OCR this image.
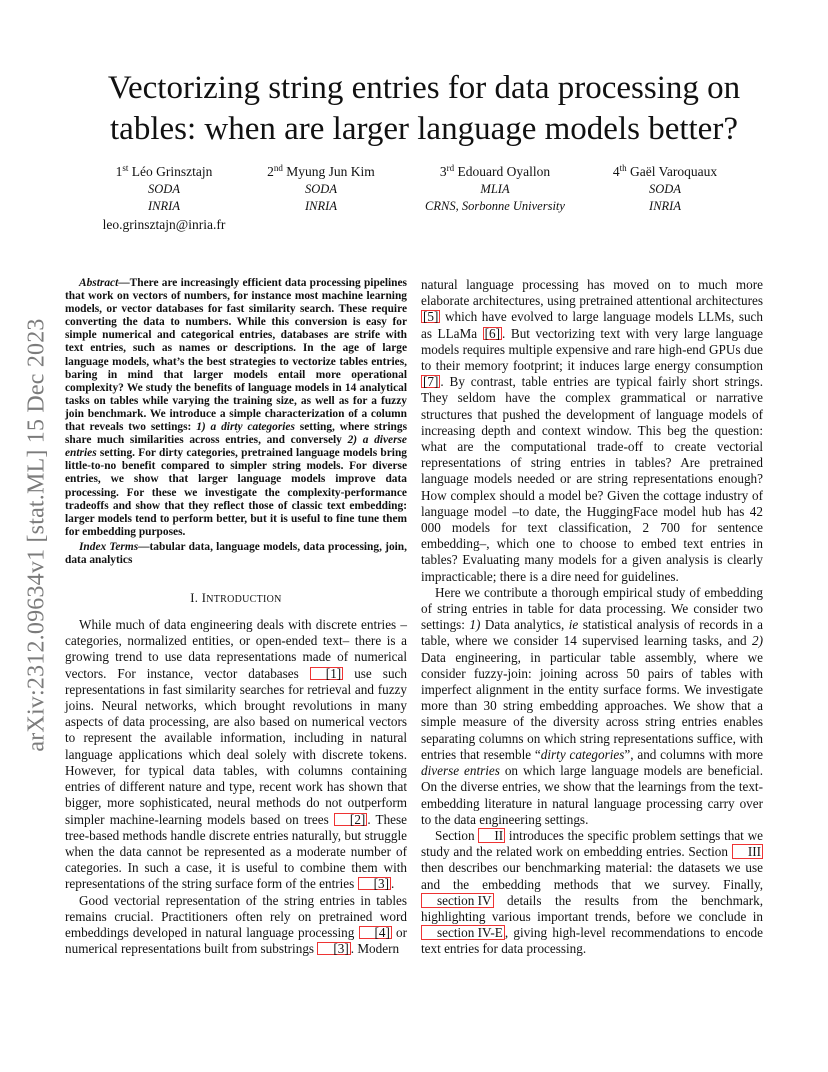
arXiv:2312.09634v1 [stat.ML] 15 Dec 2023
Vectorizing string entries for data processing on
tables: when are larger language models better?
1st Léo Grinsztajn
SODA
INRIA
leo.grinsztajn@inria.fr
2nd Myung Jun Kim
SODA
INRIA
3rd Edouard Oyallon
MLIA
CRNS, Sorbonne University
4th Gaël Varoquaux
SODA
INRIA

Abstract—There are increasingly efficient data processing pipelines that work on vectors of numbers, for instance most machine learning models, or vector databases for fast similarity search. These require converting the data to numbers. While this conversion is easy for simple numerical and categorical entries, databases are strife with text entries, such as names or descriptions. In the age of large language models, what’s the best strategies to vectorize tables entries, baring in mind that larger models entail more operational complexity? We study the benefits of language models in 14 analytical tasks on tables while varying the training size, as well as for a fuzzy join benchmark. We introduce a simple characterization of a column that reveals two settings: 1) a dirty categories setting, where strings share much similarities across entries, and conversely 2) a diverse entries setting. For dirty categories, pretrained language models bring little-to-no benefit compared to simpler string models. For diverse entries, we show that larger language models improve data processing. For these we investigate the complexity-performance tradeoffs and show that they reflect those of classic text embedding: larger models tend to perform better, but it is useful to fine tune them for embedding purposes.

Index Terms—tabular data, language models, data processing, join, data analytics

I. INTRODUCTION

While much of data engineering deals with discrete entries –categories, normalized entities, or open-ended text– there is a growing trend to use data representations made of numerical vectors. For instance, vector databases [1] use such representations in fast similarity searches for retrieval and fuzzy joins. Neural networks, which brought revolutions in many aspects of data processing, are also based on numerical vectors to represent the available information, including in natural language applications which deal solely with discrete tokens. However, for typical data tables, with columns containing entries of different nature and type, recent work has shown that bigger, more sophisticated, neural methods do not outperform simpler machine-learning models based on trees [2] . These tree-based methods handle discrete entries naturally, but struggle when the data cannot be represented as a moderate number of categories. In such a case, it is useful to combine them with representations of the string surface form of the entries [3] .

Good vectorial representation of the string entries in tables remains crucial. Practitioners often rely on pretrained word embeddings developed in natural language processing [4] or numerical representations built from substrings [3] . Modern

natural language processing has moved on to much more elaborate architectures, using pretrained attentional architectures [5] which have evolved to large language models LLMs, such as LLaMa [6] . But vectorizing text with very large language models requires multiple expensive and rare high-end GPUs due to their memory footprint; it induces large energy consumption [7] . By contrast, table entries are typical fairly short strings. They seldom have the complex grammatical or narrative structures that pushed the development of language models of increasing depth and context window. This beg the question: what are the computational trade-off to create vectorial representations of string entries in tables? Are pretrained language models needed or are string representations enough? How complex should a model be? Given the cottage industry of language model –to date, the HuggingFace model hub has 42 000 models for text classification, 2 700 for sentence embedding–, which one to choose to embed text entries in tables? Evaluating many models for a given analysis is clearly impracticable; there is a dire need for guidelines.

Here we contribute a thorough empirical study of embedding of string entries in table for data processing. We consider two settings: 1) Data analytics, ie statistical analysis of records in a table, where we consider 14 supervised learning tasks, and 2) Data engineering, in particular table assembly, where we consider fuzzy-join: joining across 50 pairs of tables with imperfect alignment in the entity surface forms. We investigate more than 30 string embedding approaches. We show that a simple measure of the diversity across string entries enables separating columns on which string representations suffice, with entries that resemble “dirty categories”, and columns with more diverse entries on which large language models are beneficial. On the diverse entries, we show that the learnings from the text-embedding literature in natural language processing carry over to the data engineering settings.

Section II introduces the specific problem settings that we study and the related work on embedding entries. Section III then describes our benchmarking material: the datasets we use and the embedding methods that we survey. Finally, section IV details the results from the benchmark, highlighting various important trends, before we conclude in section IV-E , giving high-level recommendations to encode text entries for data processing.
